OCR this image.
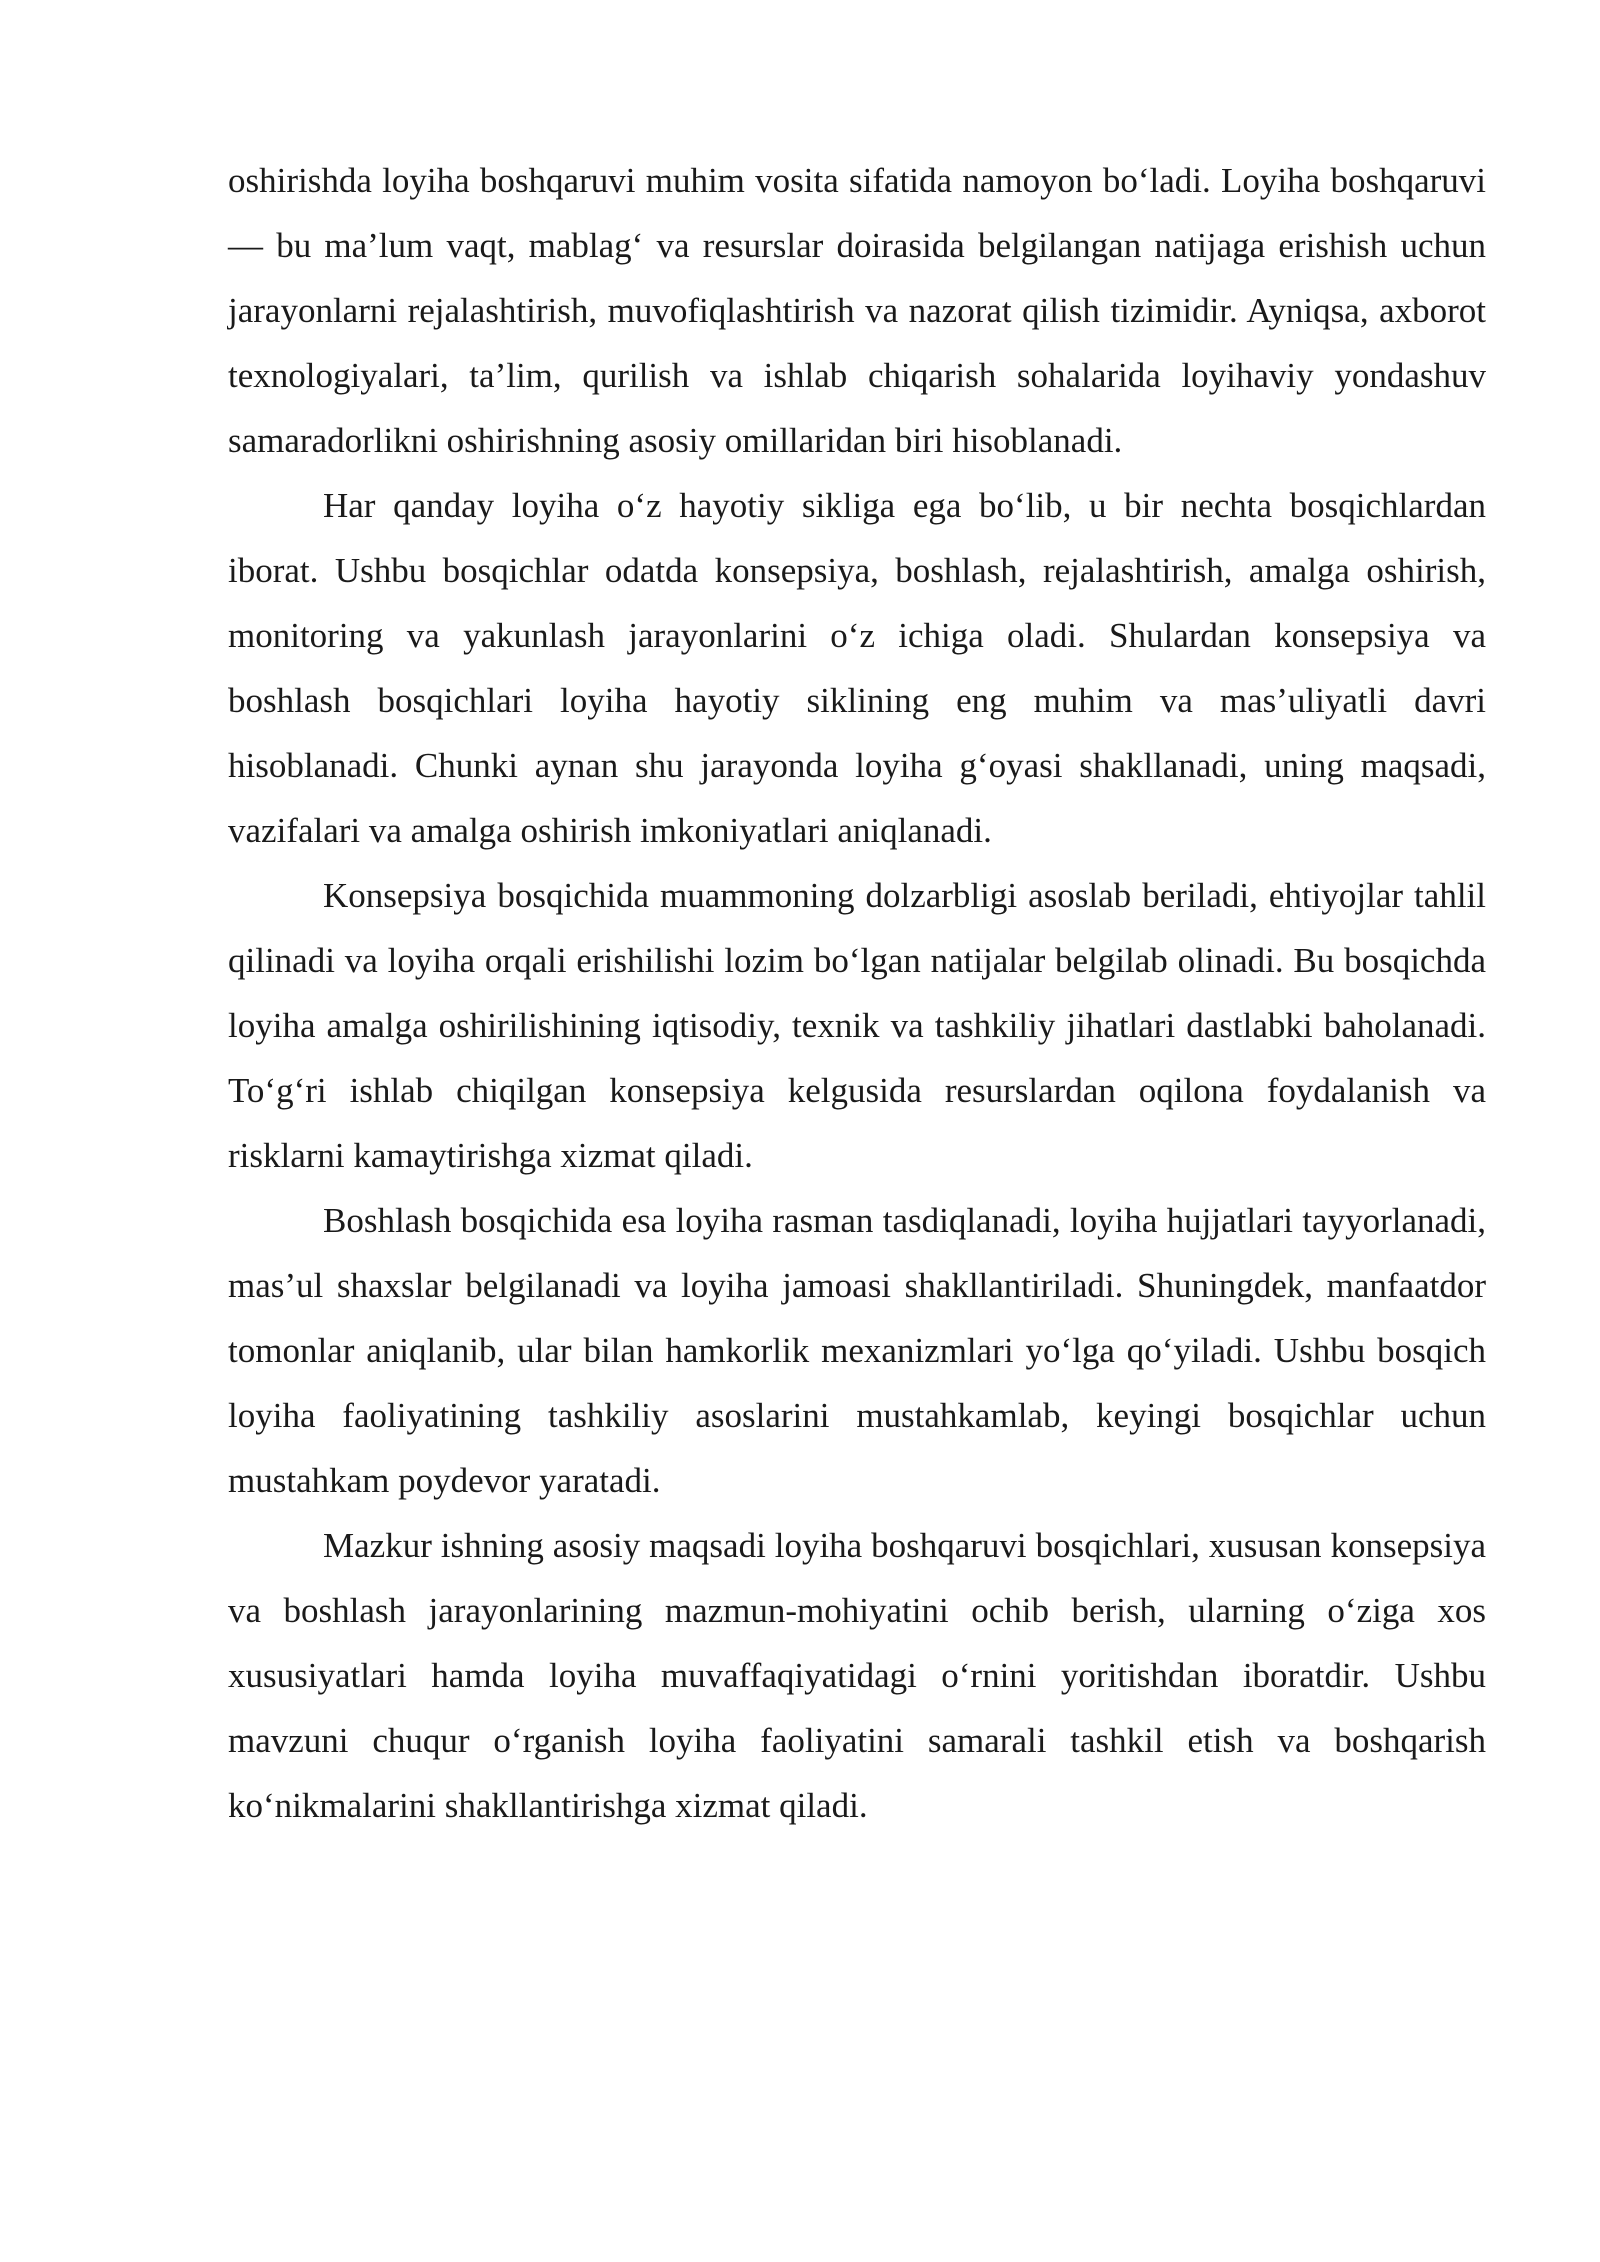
oshirishda loyiha boshqaruvi muhim vosita sifatida namoyon bo‘ladi. Loyiha boshqaruvi — bu ma’lum vaqt, mablag‘ va resurslar doirasida belgilangan natijaga erishish uchun jarayonlarni rejalashtirish, muvofiqlashtirish va nazorat qilish tizimidir. Ayniqsa, axborot texnologiyalari, ta’lim, qurilish va ishlab chiqarish sohalarida loyihaviy yondashuv samaradorlikni oshirishning asosiy omillaridan biri hisoblanadi.

Har qanday loyiha o‘z hayotiy sikliga ega bo‘lib, u bir nechta bosqichlardan iborat. Ushbu bosqichlar odatda konsepsiya, boshlash, rejalashtirish, amalga oshirish, monitoring va yakunlash jarayonlarini o‘z ichiga oladi. Shulardan konsepsiya va boshlash bosqichlari loyiha hayotiy siklining eng muhim va mas’uliyatli davri hisoblanadi. Chunki aynan shu jarayonda loyiha g‘oyasi shakllanadi, uning maqsadi, vazifalari va amalga oshirish imkoniyatlari aniqlanadi.

Konsepsiya bosqichida muammoning dolzarbligi asoslab beriladi, ehtiyojlar tahlil qilinadi va loyiha orqali erishilishi lozim bo‘lgan natijalar belgilab olinadi. Bu bosqichda loyiha amalga oshirilishining iqtisodiy, texnik va tashkiliy jihatlari dastlabki baholanadi. To‘g‘ri ishlab chiqilgan konsepsiya kelgusida resurslardan oqilona foydalanish va risklarni kamaytirishga xizmat qiladi.

Boshlash bosqichida esa loyiha rasman tasdiqlanadi, loyiha hujjatlari tayyorlanadi, mas’ul shaxslar belgilanadi va loyiha jamoasi shakllantiriladi. Shuningdek, manfaatdor tomonlar aniqlanib, ular bilan hamkorlik mexanizmlari yo‘lga qo‘yiladi. Ushbu bosqich loyiha faoliyatining tashkiliy asoslarini mustahkamlab, keyingi bosqichlar uchun mustahkam poydevor yaratadi.

Mazkur ishning asosiy maqsadi loyiha boshqaruvi bosqichlari, xususan konsepsiya va boshlash jarayonlarining mazmun-mohiyatini ochib berish, ularning o‘ziga xos xususiyatlari hamda loyiha muvaffaqiyatidagi o‘rnini yoritishdan iboratdir. Ushbu mavzuni chuqur o‘rganish loyiha faoliyatini samarali tashkil etish va boshqarish ko‘nikmalarini shakllantirishga xizmat qiladi.
